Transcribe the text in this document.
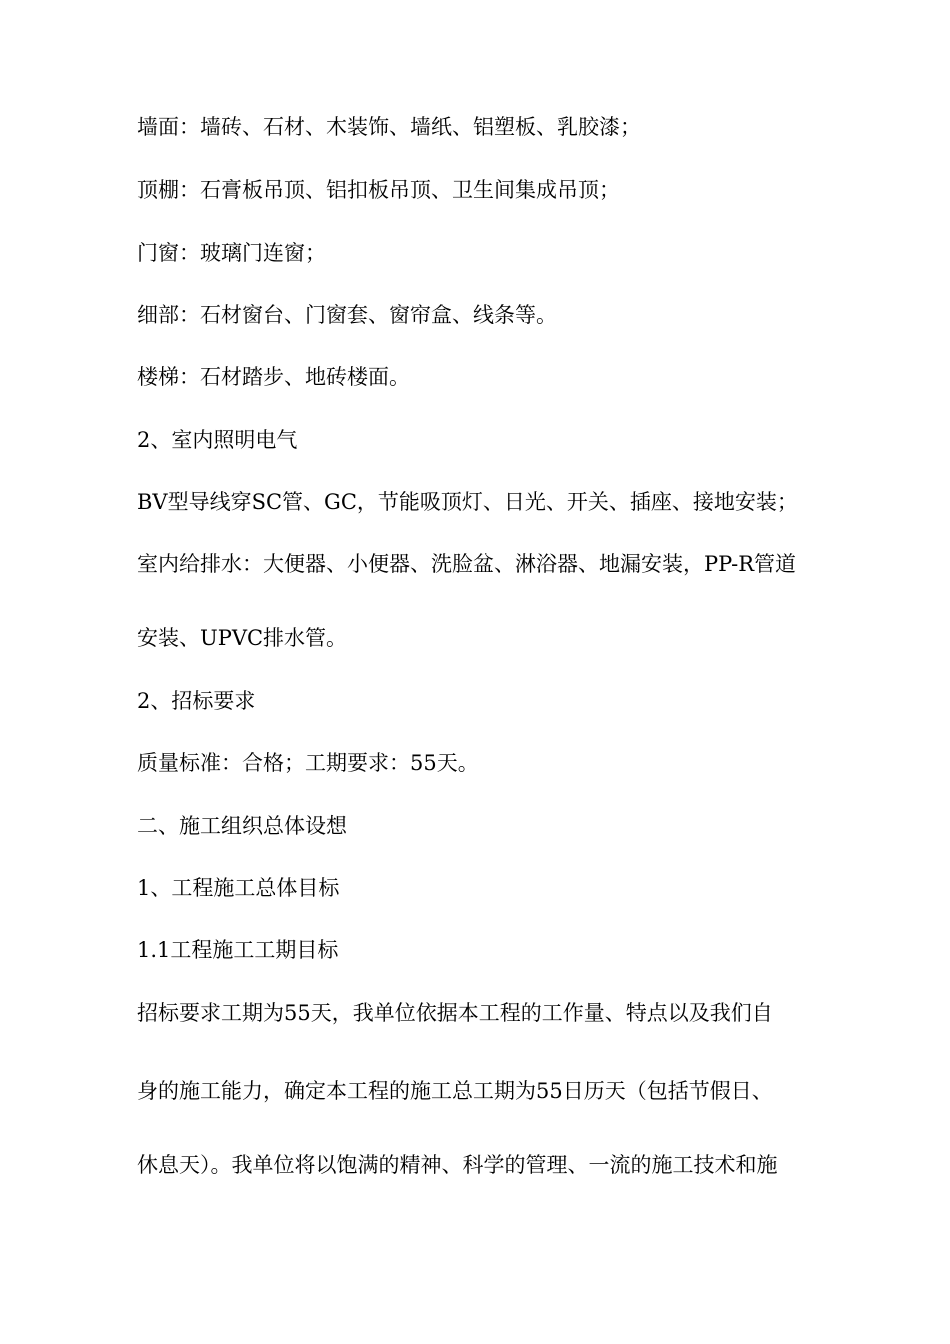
墙面：墙砖、石材、木装饰、墙纸、铝塑板、乳胶漆；
顶棚：石膏板吊顶、铝扣板吊顶、卫生间集成吊顶；
门窗：玻璃门连窗；
细部：石材窗台、门窗套、窗帘盒、线条等。
楼梯：石材踏步、地砖楼面。
2、室内照明电气
BV型导线穿SC管、GC，节能吸顶灯、日光、开关、插座、接地安装；
室内给排水：大便器、小便器、洗脸盆、淋浴器、地漏安装，PP-R管道
安装、UPVC排水管。
2、招标要求
质量标准：合格；工期要求：55天。
二、施工组织总体设想
1、工程施工总体目标
1.1工程施工工期目标
招标要求工期为55天，我单位依据本工程的工作量、特点以及我们自
身的施工能力，确定本工程的施工总工期为55日历天（包括节假日、
休息天）。我单位将以饱满的精神、科学的管理、一流的施工技术和施
